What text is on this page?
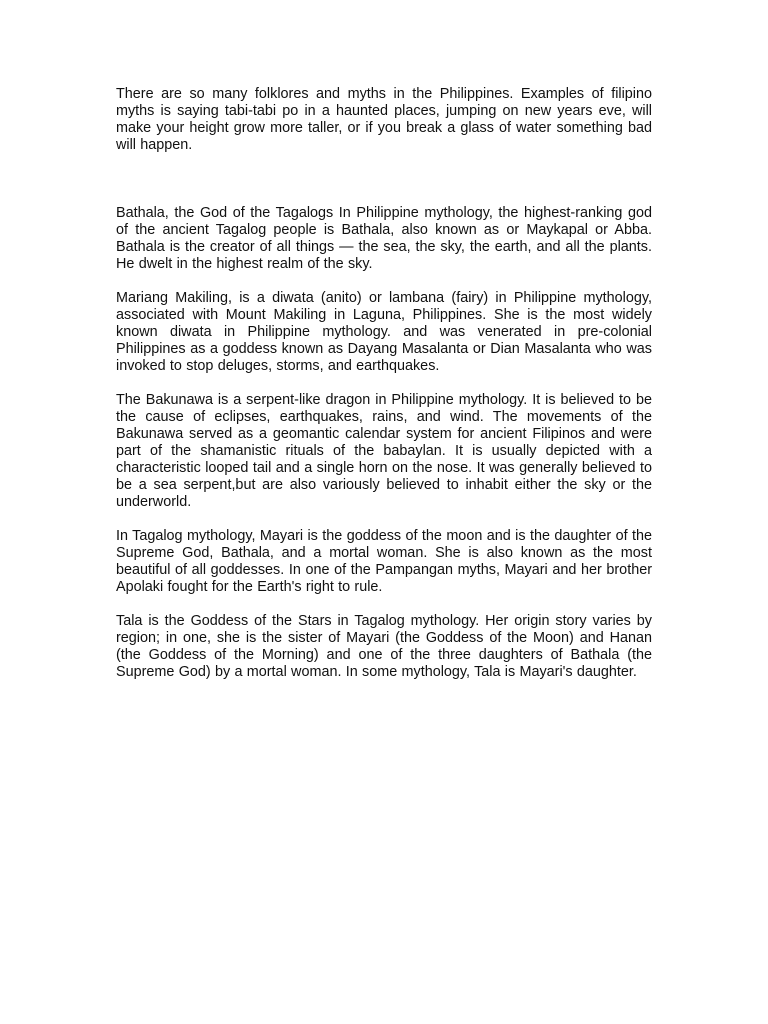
There are so many folklores and myths in the Philippines. Examples of filipino myths is saying tabi-tabi po in a haunted places, jumping on new years eve, will make your height grow more taller, or if you break a glass of water something bad will happen.

Bathala, the God of the Tagalogs In Philippine mythology, the highest-ranking god of the ancient Tagalog people is Bathala, also known as or Maykapal or Abba. Bathala is the creator of all things — the sea, the sky, the earth, and all the plants. He dwelt in the highest realm of the sky.

Mariang Makiling, is a diwata (anito) or lambana (fairy) in Philippine mythology, associated with Mount Makiling in Laguna, Philippines. She is the most widely known diwata in Philippine mythology. and was venerated in pre-colonial Philippines as a goddess known as Dayang Masalanta or Dian Masalanta who was invoked to stop deluges, storms, and earthquakes.

The Bakunawa is a serpent-like dragon in Philippine mythology. It is believed to be the cause of eclipses, earthquakes, rains, and wind. The movements of the Bakunawa served as a geomantic calendar system for ancient Filipinos and were part of the shamanistic rituals of the babaylan. It is usually depicted with a characteristic looped tail and a single horn on the nose. It was generally believed to be a sea serpent,but are also variously believed to inhabit either the sky or the underworld.

In Tagalog mythology, Mayari is the goddess of the moon and is the daughter of the Supreme God, Bathala, and a mortal woman. She is also known as the most beautiful of all goddesses. In one of the Pampangan myths, Mayari and her brother Apolaki fought for the Earth's right to rule.

Tala is the Goddess of the Stars in Tagalog mythology. Her origin story varies by region; in one, she is the sister of Mayari (the Goddess of the Moon) and Hanan (the Goddess of the Morning) and one of the three daughters of Bathala (the Supreme God) by a mortal woman. In some mythology, Tala is Mayari's daughter.
